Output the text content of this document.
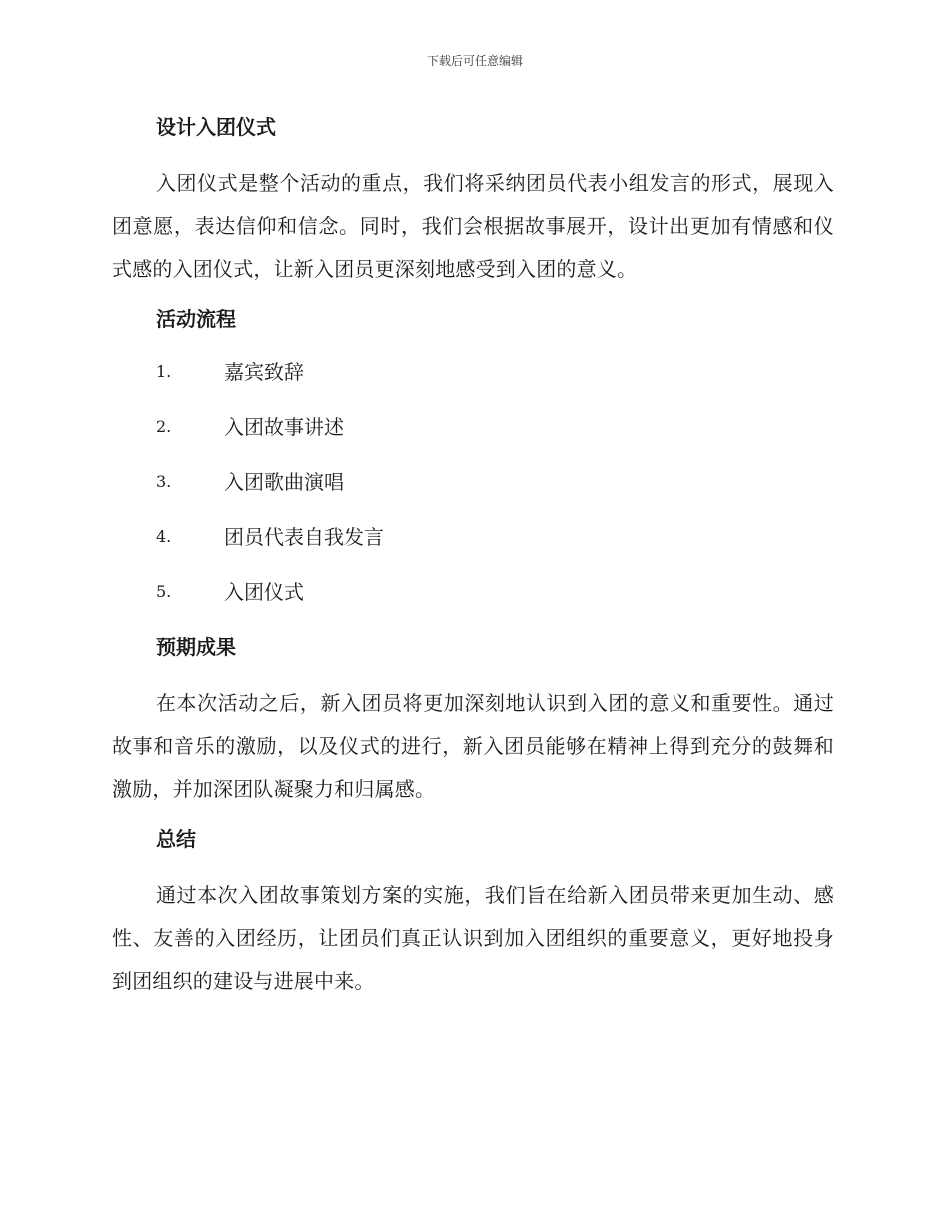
下载后可任意编辑
设计入团仪式

入团仪式是整个活动的重点，我们将采纳团员代表小组发言的形式，展现入团意愿，表达信仰和信念。同时，我们会根据故事展开，设计出更加有情感和仪式感的入团仪式，让新入团员更深刻地感受到入团的意义。

活动流程
1.	嘉宾致辞
2.	入团故事讲述
3.	入团歌曲演唱
4.	团员代表自我发言
5.	入团仪式
预期成果

在本次活动之后，新入团员将更加深刻地认识到入团的意义和重要性。通过故事和音乐的激励，以及仪式的进行，新入团员能够在精神上得到充分的鼓舞和激励，并加深团队凝聚力和归属感。

总结

通过本次入团故事策划方案的实施，我们旨在给新入团员带来更加生动、感性、友善的入团经历，让团员们真正认识到加入团组织的重要意义，更好地投身到团组织的建设与进展中来。
